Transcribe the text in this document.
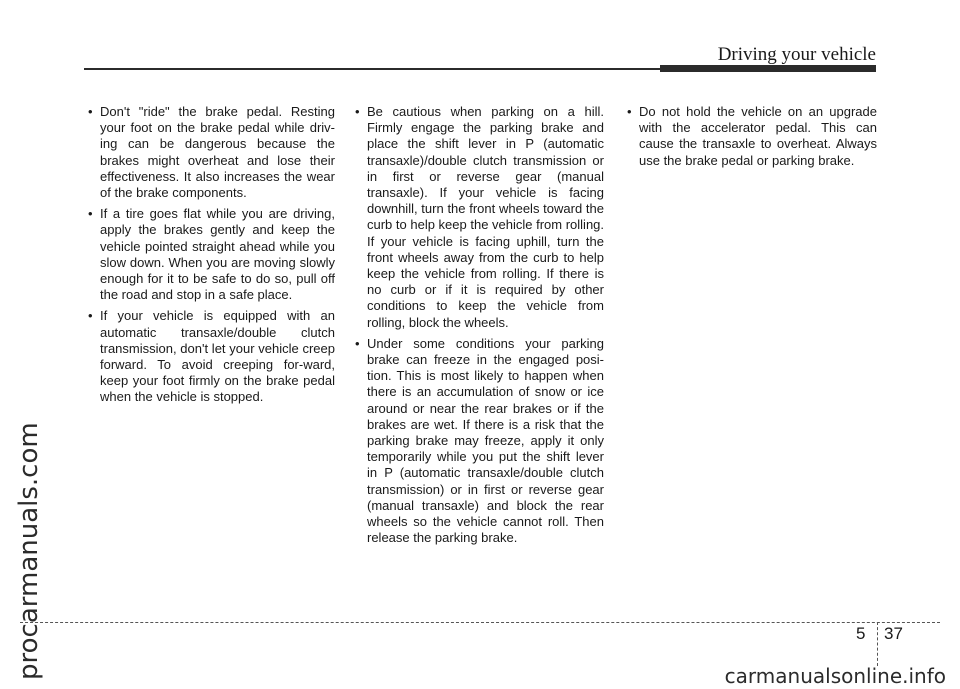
Driving your vehicle
procarmanuals.com
• Don't "ride" the brake pedal. Resting your foot on the brake pedal while driv-ing can be dangerous because the brakes might overheat and lose their effectiveness. It also increases the wear of the brake components.
• If a tire goes flat while you are driving, apply the brakes gently and keep the vehicle pointed straight ahead while you slow down. When you are moving slowly enough for it to be safe to do so, pull off the road and stop in a safe place.
• If your vehicle is equipped with an automatic transaxle/double clutch transmission, don't let your vehicle creep forward. To avoid creeping for-ward, keep your foot firmly on the brake pedal when the vehicle is stopped.
• Be cautious when parking on a hill. Firmly engage the parking brake and place the shift lever in P (automatic transaxle)/double clutch transmission or in first or reverse gear (manual transaxle). If your vehicle is facing downhill, turn the front wheels toward the curb to help keep the vehicle from rolling. If your vehicle is facing uphill, turn the front wheels away from the curb to help keep the vehicle from rolling. If there is no curb or if it is required by other conditions to keep the vehicle from rolling, block the wheels.
• Under some conditions your parking brake can freeze in the engaged posi-tion. This is most likely to happen when there is an accumulation of snow or ice around or near the rear brakes or if the brakes are wet. If there is a risk that the parking brake may freeze, apply it only temporarily while you put the shift lever in P (automatic transaxle/double clutch transmission) or in first or reverse gear (manual transaxle) and block the rear wheels so the vehicle cannot roll. Then release the parking brake.
• Do not hold the vehicle on an upgrade with the accelerator pedal. This can cause the transaxle to overheat. Always use the brake pedal or parking brake.
5 37
carmanualsonline.info
